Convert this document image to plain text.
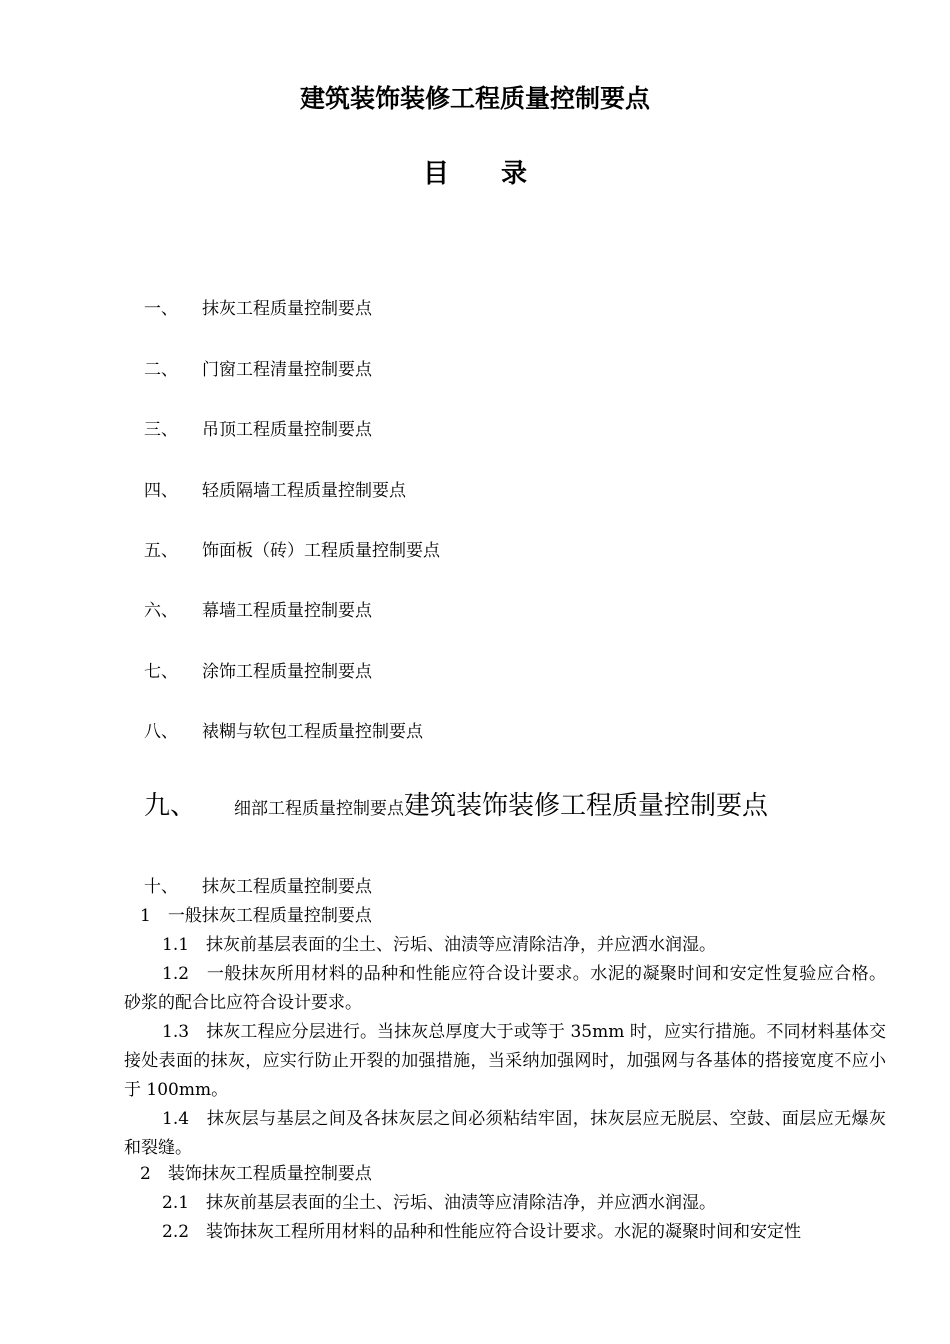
建筑装饰装修工程质量控制要点
目录
一、 抹灰工程质量控制要点
二、 门窗工程清量控制要点
三、 吊顶工程质量控制要点
四、 轻质隔墙工程质量控制要点
五、 饰面板（砖）工程质量控制要点
六、 幕墙工程质量控制要点
七、 涂饰工程质量控制要点
八、 裱糊与软包工程质量控制要点
九、 细部工程质量控制要点建筑装饰装修工程质量控制要点
十、 抹灰工程质量控制要点
1　一般抹灰工程质量控制要点
1.1　抹灰前基层表面的尘土、污垢、油渍等应清除洁净，并应洒水润湿。
1.2　一般抹灰所用材料的品种和性能应符合设计要求。水泥的凝聚时间和安定性复验应合格。砂浆的配合比应符合设计要求。
1.3　抹灰工程应分层进行。当抹灰总厚度大于或等于 35mm 时，应实行措施。不同材料基体交接处表面的抹灰，应实行防止开裂的加强措施，当采纳加强网时，加强网与各基体的搭接宽度不应小于 100mm。
1.4　抹灰层与基层之间及各抹灰层之间必须粘结牢固，抹灰层应无脱层、空鼓、面层应无爆灰和裂缝。
2　装饰抹灰工程质量控制要点
2.1　抹灰前基层表面的尘土、污垢、油渍等应清除洁净，并应洒水润湿。
2.2　装饰抹灰工程所用材料的品种和性能应符合设计要求。水泥的凝聚时间和安定性
